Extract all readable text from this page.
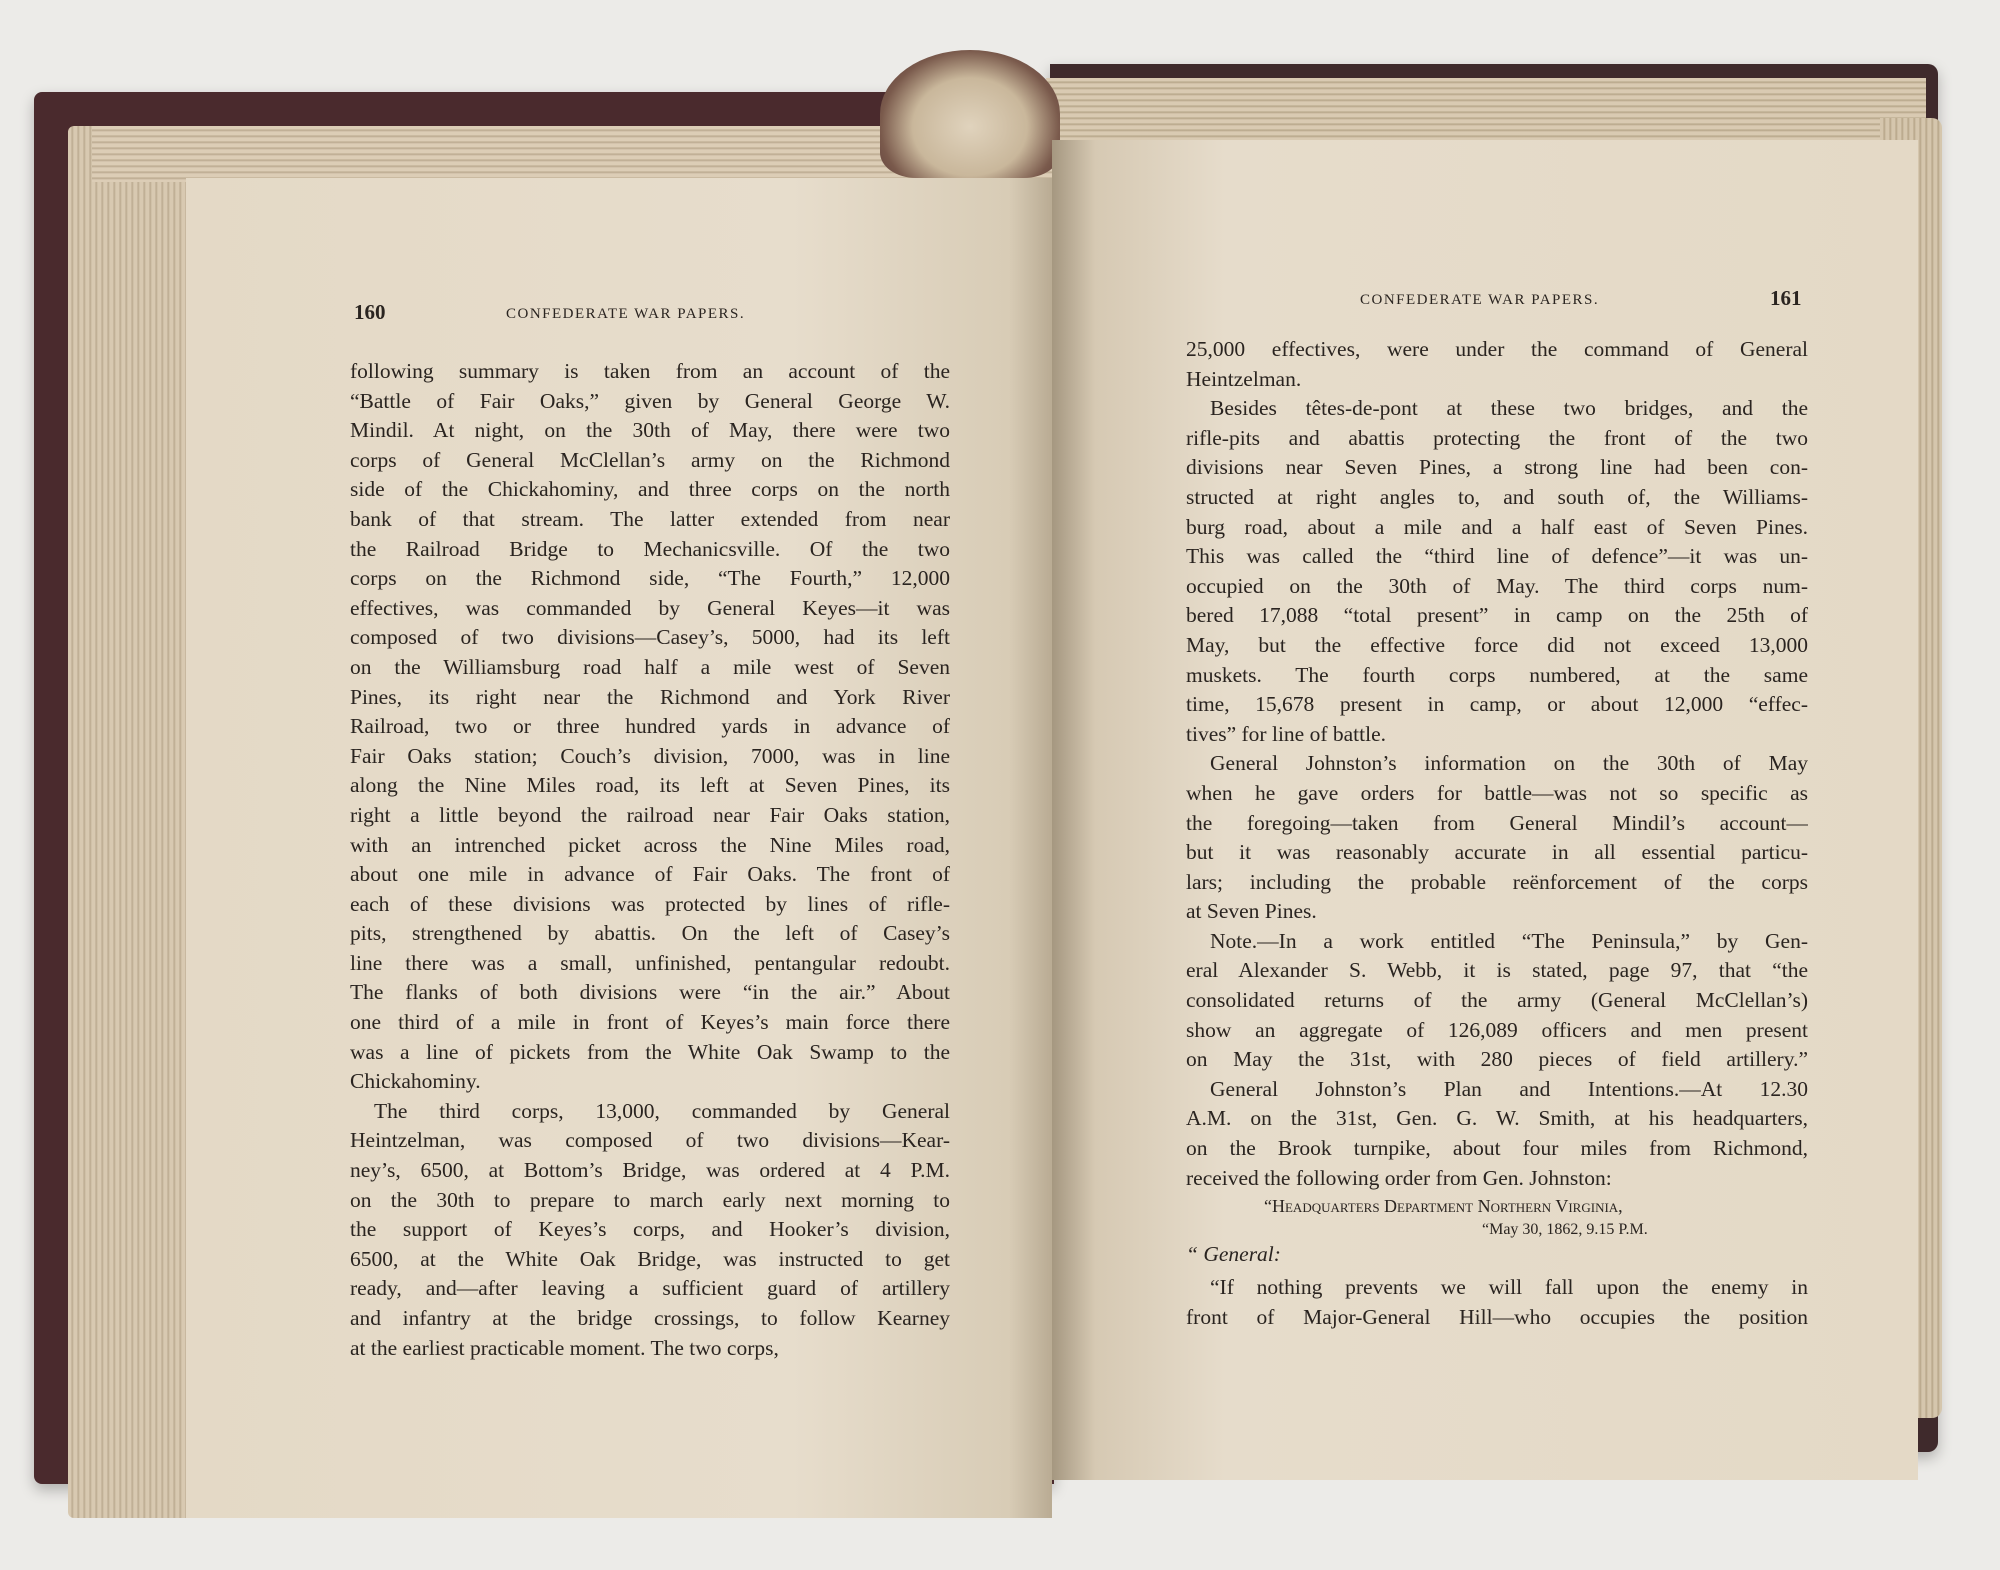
160	CONFEDERATE WAR PAPERS.
following summary is taken from an account of the
“Battle of Fair Oaks,” given by General George W.
Mindil. At night, on the 30th of May, there were two
corps of General McClellan’s army on the Richmond
side of the Chickahominy, and three corps on the north
bank of that stream. The latter extended from near
the Railroad Bridge to Mechanicsville. Of the two
corps on the Richmond side, “The Fourth,” 12,000
effectives, was commanded by General Keyes—it was
composed of two divisions—Casey’s, 5000, had its left
on the Williamsburg road half a mile west of Seven
Pines, its right near the Richmond and York River
Railroad, two or three hundred yards in advance of
Fair Oaks station; Couch’s division, 7000, was in line
along the Nine Miles road, its left at Seven Pines, its
right a little beyond the railroad near Fair Oaks station,
with an intrenched picket across the Nine Miles road,
about one mile in advance of Fair Oaks. The front of
each of these divisions was protected by lines of rifle-
pits, strengthened by abattis. On the left of Casey’s
line there was a small, unfinished, pentangular redoubt.
The flanks of both divisions were “in the air.” About
one third of a mile in front of Keyes’s main force there
was a line of pickets from the White Oak Swamp to the
Chickahominy.
The third corps, 13,000, commanded by General
Heintzelman, was composed of two divisions—Kear-
ney’s, 6500, at Bottom’s Bridge, was ordered at 4 P.M.
on the 30th to prepare to march early next morning to
the support of Keyes’s corps, and Hooker’s division,
6500, at the White Oak Bridge, was instructed to get
ready, and—after leaving a sufficient guard of artillery
and infantry at the bridge crossings, to follow Kearney
at the earliest practicable moment. The two corps,
CONFEDERATE WAR PAPERS.	161
25,000 effectives, were under the command of General
Heintzelman.
Besides têtes-de-pont at these two bridges, and the
rifle-pits and abattis protecting the front of the two
divisions near Seven Pines, a strong line had been con-
structed at right angles to, and south of, the Williams-
burg road, about a mile and a half east of Seven Pines.
This was called the “third line of defence”—it was un-
occupied on the 30th of May. The third corps num-
bered 17,088 “total present” in camp on the 25th of
May, but the effective force did not exceed 13,000
muskets. The fourth corps numbered, at the same
time, 15,678 present in camp, or about 12,000 “effec-
tives” for line of battle.
General Johnston’s information on the 30th of May
when he gave orders for battle—was not so specific as
the foregoing—taken from General Mindil’s account—
but it was reasonably accurate in all essential particu-
lars; including the probable reënforcement of the corps
at Seven Pines.
Note.—In a work entitled “The Peninsula,” by Gen-
eral Alexander S. Webb, it is stated, page 97, that “the
consolidated returns of the army (General McClellan’s)
show an aggregate of 126,089 officers and men present
on May the 31st, with 280 pieces of field artillery.”
General Johnston’s Plan and Intentions.—At 12.30
A.M. on the 31st, Gen. G. W. Smith, at his headquarters,
on the Brook turnpike, about four miles from Richmond,
received the following order from Gen. Johnston:
“Headquarters Department Northern Virginia,
“May 30, 1862, 9.15 P.M.
“ General:
“If nothing prevents we will fall upon the enemy in
front of Major-General Hill—who occupies the position
